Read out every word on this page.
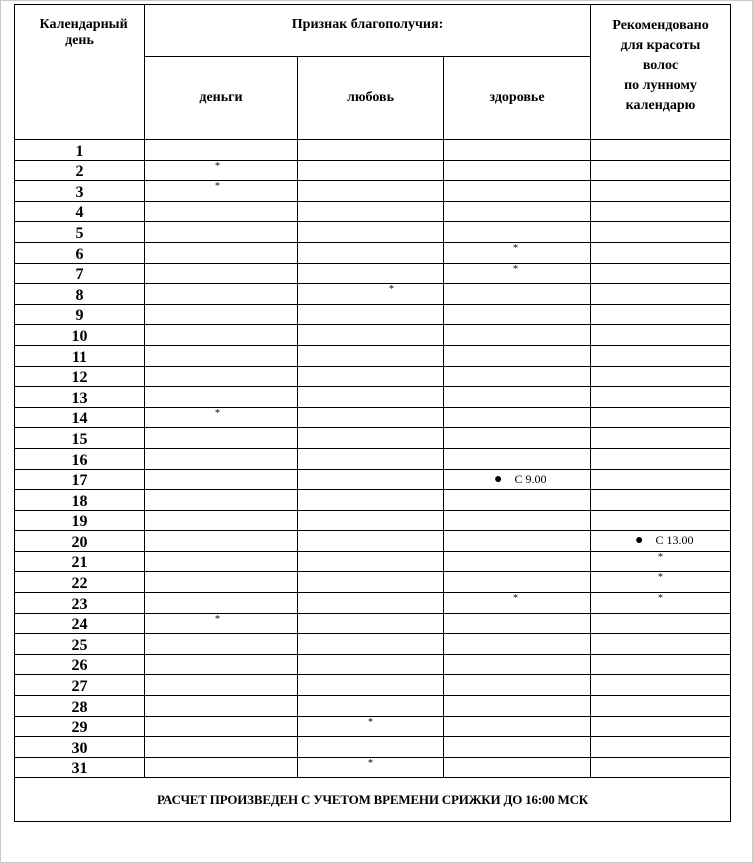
Календарный день	Признак благополучия:			Рекомендовано
для красоты
волос
по лунному
календарю
	деньги	любовь	здоровье	
1				
2	*			

3	*			

4				
5				
6			*	

7			*	

8		*		

9				
10				
11				
12				
13				
14	*			

15				
16				
17			● С 9.00	

18				
19				
20				● С 13.00

21				*

22				*

23			*	*

24	*			

25				
26				
27				
28				
29		*		

30				
31		*		

РАСЧЕТ ПРОИЗВЕДЕН С УЧЕТОМ ВРЕМЕНИ СРИЖКИ ДО 16:00 МСК				
